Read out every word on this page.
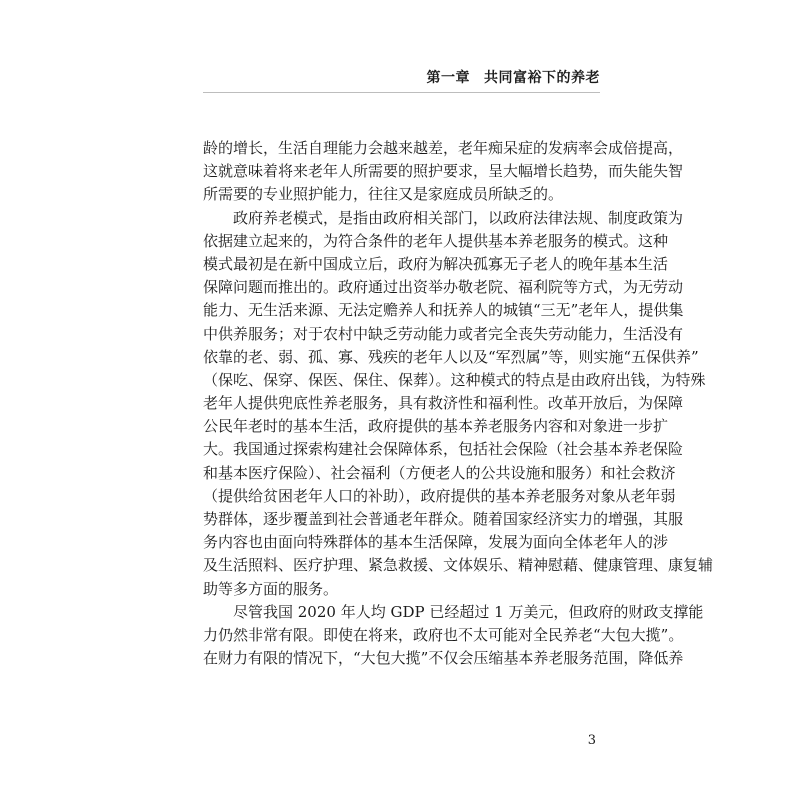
第一章 共同富裕下的养老
龄的增长，生活自理能力会越来越差，老年痴呆症的发病率会成倍提高，
这就意味着将来老年人所需要的照护要求，呈大幅增长趋势，而失能失智
所需要的专业照护能力，往往又是家庭成员所缺乏的。
政府养老模式，是指由政府相关部门，以政府法律法规、制度政策为
依据建立起来的，为符合条件的老年人提供基本养老服务的模式。这种
模式最初是在新中国成立后，政府为解决孤寡无子老人的晚年基本生活
保障问题而推出的。政府通过出资举办敬老院、福利院等方式，为无劳动
能力、无生活来源、无法定赡养人和抚养人的城镇“三无”老年人，提供集
中供养服务；对于农村中缺乏劳动能力或者完全丧失劳动能力，生活没有
依靠的老、弱、孤、寡、残疾的老年人以及“军烈属”等，则实施“五保供养”
（保吃、保穿、保医、保住、保葬）。这种模式的特点是由政府出钱，为特殊
老年人提供兜底性养老服务，具有救济性和福利性。改革开放后，为保障
公民年老时的基本生活，政府提供的基本养老服务内容和对象进一步扩
大。我国通过探索构建社会保障体系，包括社会保险（社会基本养老保险
和基本医疗保险）、社会福利（方便老人的公共设施和服务）和社会救济
（提供给贫困老年人口的补助），政府提供的基本养老服务对象从老年弱
势群体，逐步覆盖到社会普通老年群众。随着国家经济实力的增强，其服
务内容也由面向特殊群体的基本生活保障，发展为面向全体老年人的涉
及生活照料、医疗护理、紧急救援、文体娱乐、精神慰藉、健康管理、康复辅
助等多方面的服务。
尽管我国 2020 年人均 GDP 已经超过 1 万美元，但政府的财政支撑能
力仍然非常有限。即使在将来，政府也不太可能对全民养老“大包大揽”。
在财力有限的情况下，“大包大揽”不仅会压缩基本养老服务范围，降低养
3
